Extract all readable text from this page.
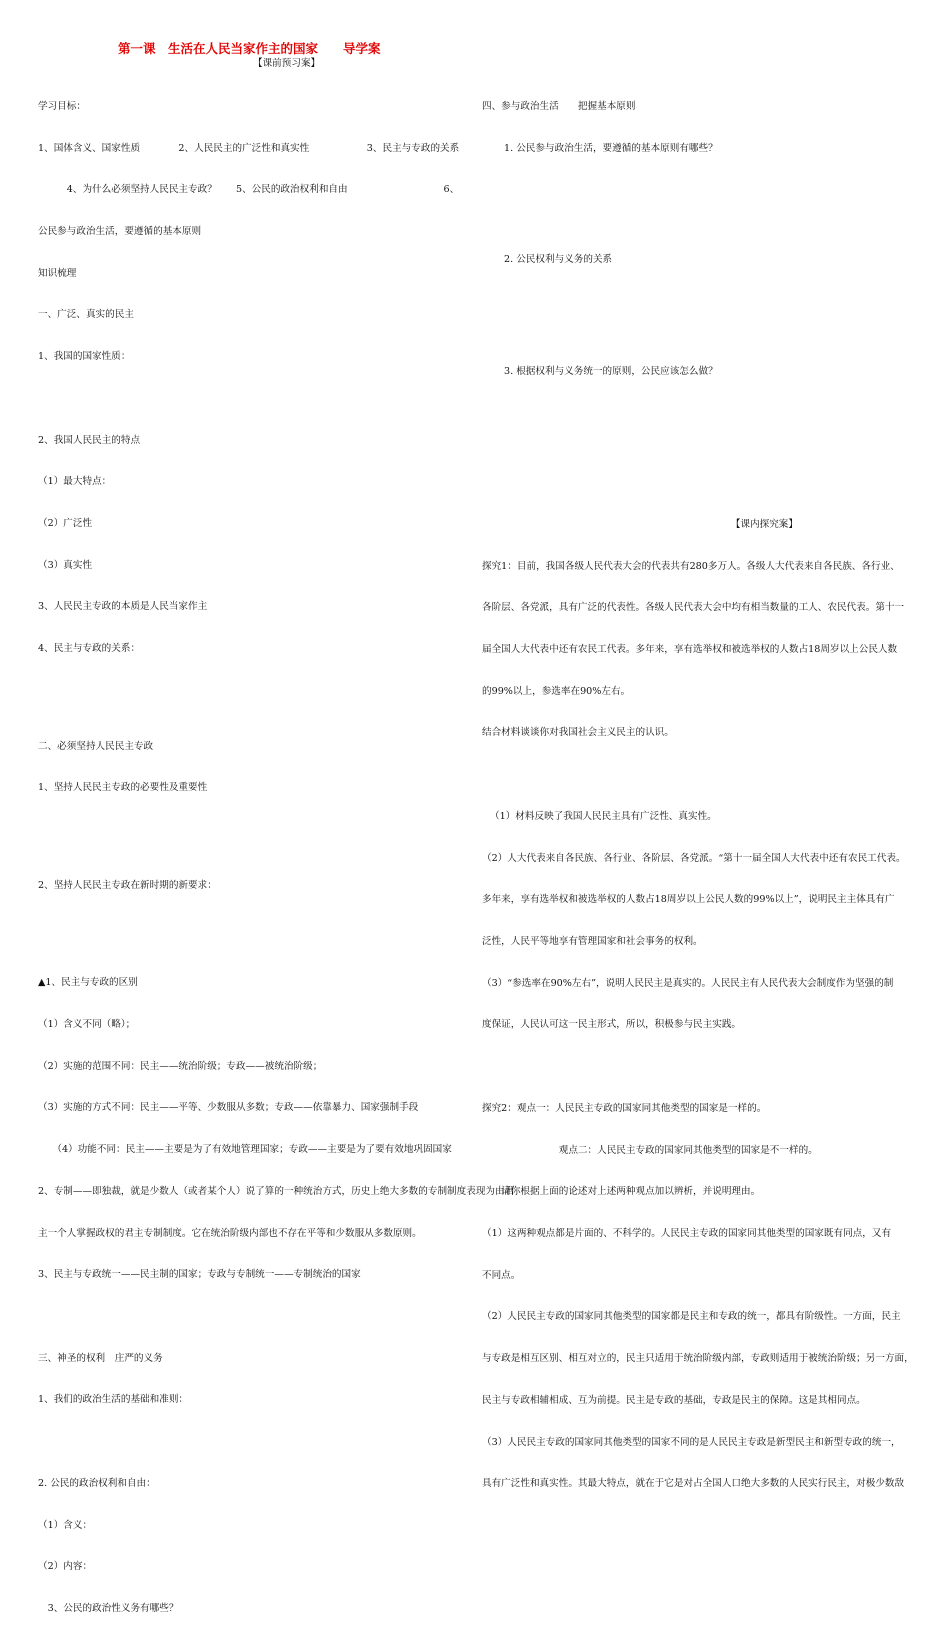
第一课　生活在人民当家作主的国家　　导学案
【课前预习案】

学习目标：

1、国体含义、国家性质　　　　2、人民民主的广泛性和真实性　　　　　　3、民主与专政的关系

　　　4、为什么必须坚持人民民主专政？　　5、公民的政治权利和自由　　　　　　　　　　6、

公民参与政治生活，要遵循的基本原则

知识梳理

一、广泛、真实的民主

1、我国的国家性质：

2、我国人民民主的特点

（1）最大特点：

（2）广泛性

（3）真实性

3、人民民主专政的本质是人民当家作主

4、民主与专政的关系：

二、必须坚持人民民主专政

1、坚持人民民主专政的必要性及重要性

2、坚持人民民主专政在新时期的新要求：

▲1、民主与专政的区别

（1）含义不同（略）；

（2）实施的范围不同：民主——统治阶级；专政——被统治阶级；

（3）实施的方式不同：民主——平等、少数服从多数；专政——依靠暴力、国家强制手段

　　（4）功能不同：民主——主要是为了有效地管理国家；专政——主要是为了要有效地巩固国家

2、专制——即独裁，就是少数人（或者某个人）说了算的一种统治方式，历史上绝大多数的专制制度表现为由君

主一个人掌握政权的君主专制制度。它在统治阶级内部也不存在平等和少数服从多数原则。

3、民主与专政统一——民主制的国家；专政与专制统一——专制统治的国家

三、神圣的权利　庄严的义务

1、我们的政治生活的基础和准则：

2. 公民的政治权利和自由：

（1）含义：

（2）内容：

　3、公民的政治性义务有哪些？

四、参与政治生活　　把握基本原则

1. 公民参与政治生活，要遵循的基本原则有哪些？

2. 公民权利与义务的关系

3. 根据权利与义务统一的原则，公民应该怎么做？

【课内探究案】

探究1：目前，我国各级人民代表大会的代表共有280多万人。各级人大代表来自各民族、各行业、

各阶层、各党派，具有广泛的代表性。各级人民代表大会中均有相当数量的工人、农民代表。第十一

届全国人大代表中还有农民工代表。多年来，享有选举权和被选举权的人数占18周岁以上公民人数

的99%以上，参选率在90%左右。

结合材料谈谈你对我国社会主义民主的认识。

（1）材料反映了我国人民民主具有广泛性、真实性。

（2）人大代表来自各民族、各行业、各阶层、各党派。“第十一届全国人大代表中还有农民工代表。

多年来，享有选举权和被选举权的人数占18周岁以上公民人数的99%以上”，说明民主主体具有广

泛性，人民平等地享有管理国家和社会事务的权利。

（3）“参选率在90%左右”，说明人民民主是真实的。人民民主有人民代表大会制度作为坚强的制

度保证，人民认可这一民主形式，所以，积极参与民主实践。

探究2：观点一：人民民主专政的国家同其他类型的国家是一样的。

　　　　　　　　观点二：人民民主专政的国家同其他类型的国家是不一样的。

　　请你根据上面的论述对上述两种观点加以辨析，并说明理由。

（1）这两种观点都是片面的、不科学的。人民民主专政的国家同其他类型的国家既有同点，又有

不同点。

（2）人民民主专政的国家同其他类型的国家都是民主和专政的统一，都具有阶级性。一方面，民主

与专政是相互区别、相互对立的，民主只适用于统治阶级内部，专政则适用于被统治阶级；另一方面，

民主与专政相辅相成、互为前提。民主是专政的基础，专政是民主的保障。这是其相同点。

（3）人民民主专政的国家同其他类型的国家不同的是人民民主专政是新型民主和新型专政的统一，

具有广泛性和真实性。其最大特点，就在于它是对占全国人口绝大多数的人民实行民主，对极少数敌
